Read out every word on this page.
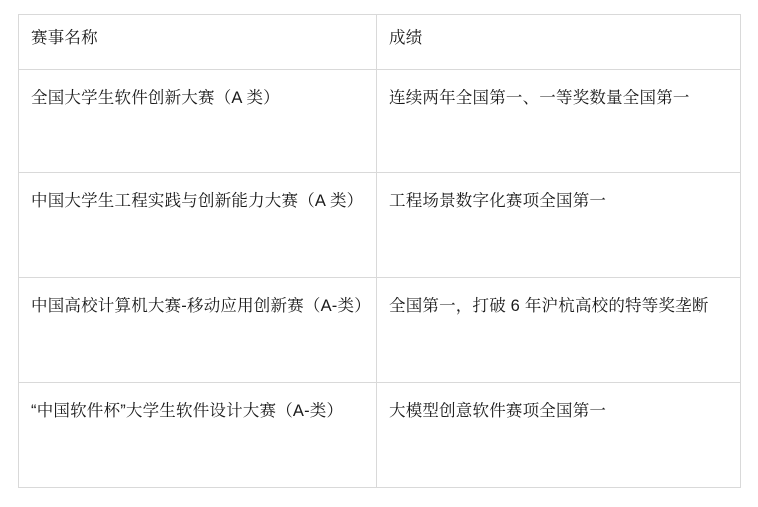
赛事名称	成绩

全国大学生软件创新大赛（A 类）	连续两年全国第一、一等奖数量全国第一

中国大学生工程实践与创新能力大赛（A 类）	工程场景数字化赛项全国第一

中国高校计算机大赛-移动应用创新赛（A-类）	全国第一，打破 6 年沪杭高校的特等奖垄断

“中国软件杯”大学生软件设计大赛（A-类）	大模型创意软件赛项全国第一
